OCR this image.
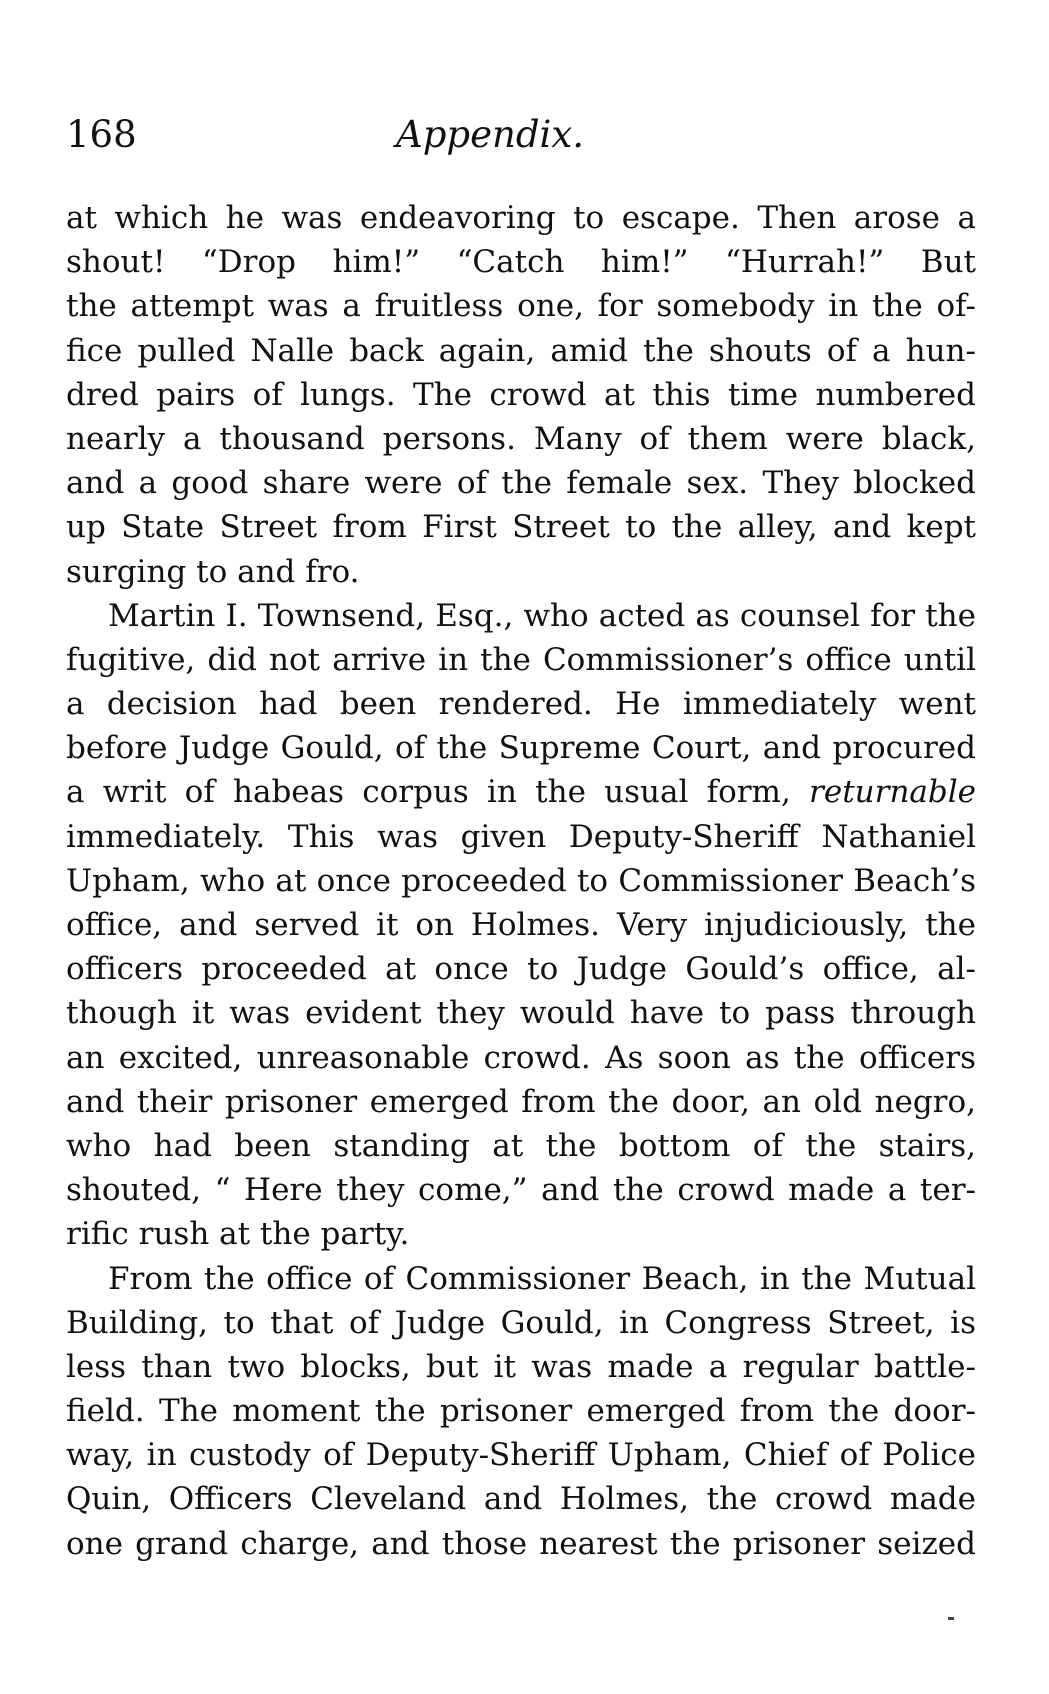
168	Appendix.
at which he was endeavoring to escape. Then arose a
shout! “Drop him!” “Catch him!” “Hurrah!” But
the attempt was a fruitless one, for somebody in the of-
fice pulled Nalle back again, amid the shouts of a hun-
dred pairs of lungs. The crowd at this time numbered
nearly a thousand persons. Many of them were black,
and a good share were of the female sex. They blocked
up State Street from First Street to the alley, and kept
surging to and fro.
Martin I. Townsend, Esq., who acted as counsel for the
fugitive, did not arrive in the Commissioner’s office until
a decision had been rendered. He immediately went
before Judge Gould, of the Supreme Court, and procured
a writ of habeas corpus in the usual form, returnable
immediately. This was given Deputy-Sheriff Nathaniel
Upham, who at once proceeded to Commissioner Beach’s
office, and served it on Holmes. Very injudiciously, the
officers proceeded at once to Judge Gould’s office, al-
though it was evident they would have to pass through
an excited, unreasonable crowd. As soon as the officers
and their prisoner emerged from the door, an old negro,
who had been standing at the bottom of the stairs,
shouted, “ Here they come,” and the crowd made a ter-
rific rush at the party.
From the office of Commissioner Beach, in the Mutual
Building, to that of Judge Gould, in Congress Street, is
less than two blocks, but it was made a regular battle-
field. The moment the prisoner emerged from the door-
way, in custody of Deputy-Sheriff Upham, Chief of Police
Quin, Officers Cleveland and Holmes, the crowd made
one grand charge, and those nearest the prisoner seized
